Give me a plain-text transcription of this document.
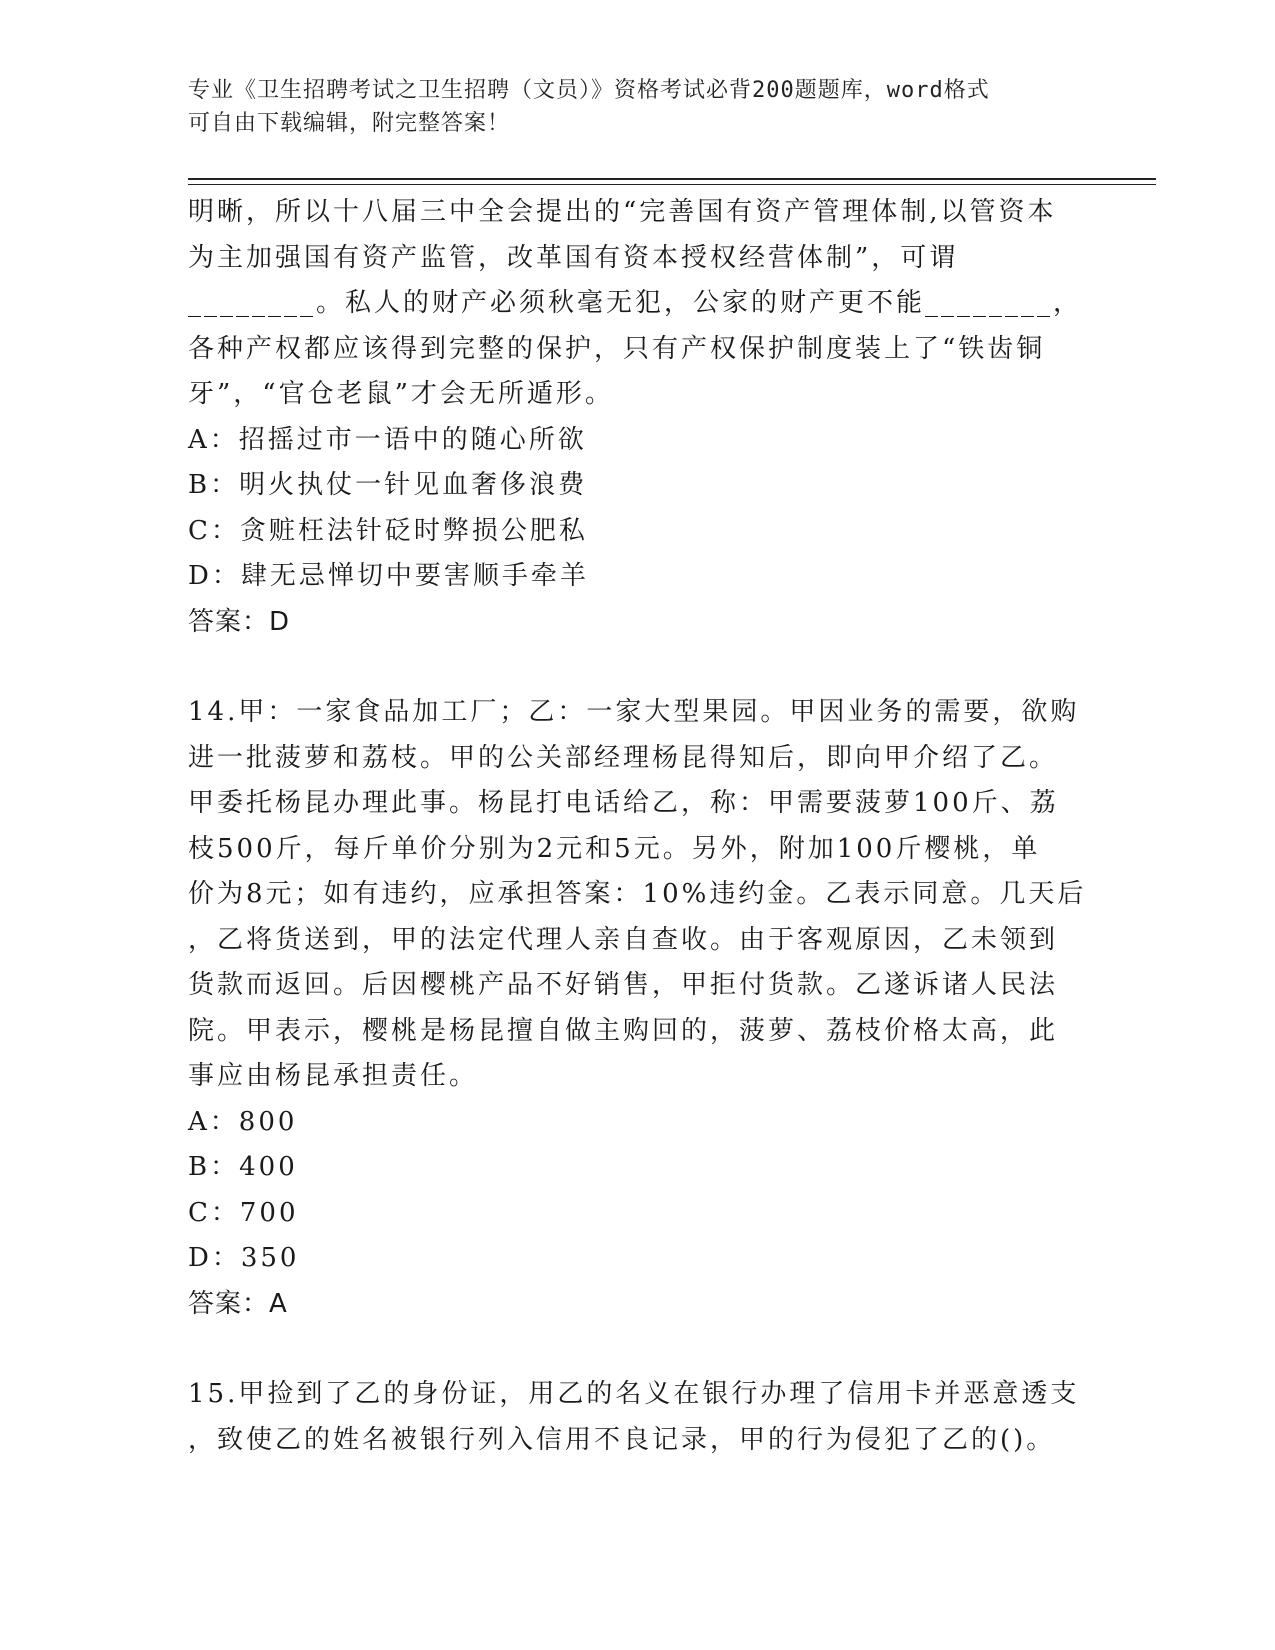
专业《卫生招聘考试之卫生招聘（文员）》资格考试必背200题题库，word格式
可自由下载编辑，附完整答案！
明晰，所以十八届三中全会提出的“完善国有资产管理体制,以管资本
为主加强国有资产监管，改革国有资本授权经营体制”，可谓
________。私人的财产必须秋毫无犯，公家的财产更不能________，
各种产权都应该得到完整的保护，只有产权保护制度装上了“铁齿铜
牙”，“官仓老鼠”才会无所遁形。
A：招摇过市一语中的随心所欲
B：明火执仗一针见血奢侈浪费
C：贪赃枉法针砭时弊损公肥私
D：肆无忌惮切中要害顺手牵羊
答案：D
14.甲：一家食品加工厂；乙：一家大型果园。甲因业务的需要，欲购
进一批菠萝和荔枝。甲的公关部经理杨昆得知后，即向甲介绍了乙。
甲委托杨昆办理此事。杨昆打电话给乙，称：甲需要菠萝100斤、荔
枝500斤，每斤单价分别为2元和5元。另外，附加100斤樱桃，单
价为8元；如有违约，应承担答案：10%违约金。乙表示同意。几天后
，乙将货送到，甲的法定代理人亲自查收。由于客观原因，乙未领到
货款而返回。后因樱桃产品不好销售，甲拒付货款。乙遂诉诸人民法
院。甲表示，樱桃是杨昆擅自做主购回的，菠萝、荔枝价格太高，此
事应由杨昆承担责任。
A：800
B：400
C：700
D：350
答案：A
15.甲捡到了乙的身份证，用乙的名义在银行办理了信用卡并恶意透支
，致使乙的姓名被银行列入信用不良记录，甲的行为侵犯了乙的()。
